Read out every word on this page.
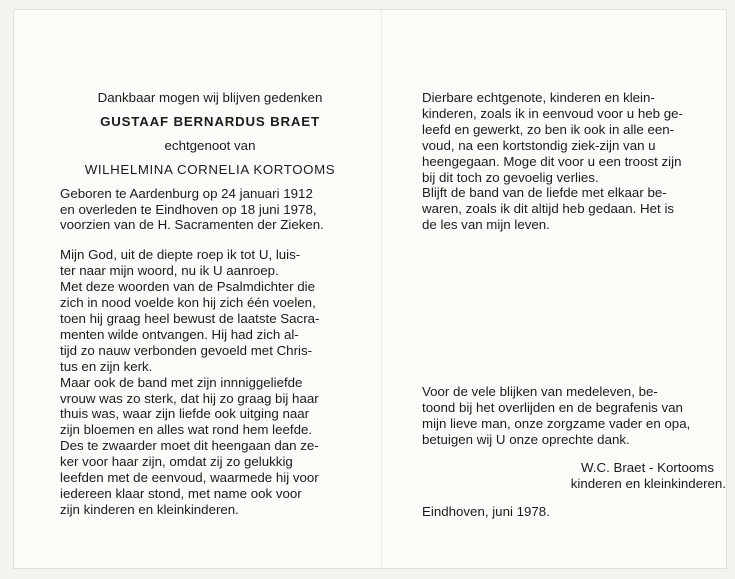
Dankbaar mogen wij blijven gedenken

GUSTAAF BERNARDUS BRAET

echtgenoot van

WILHELMINA CORNELIA KORTOOMS

Geboren te Aardenburg op 24 januari 1912

en overleden te Eindhoven op 18 juni 1978,

voorzien van de H. Sacramenten der Zieken.

Mijn God, uit de diepte roep ik tot U, luis-

ter naar mijn woord, nu ik U aanroep.

Met deze woorden van de Psalmdichter die

zich in nood voelde kon hij zich één voelen,

toen hij graag heel bewust de laatste Sacra-

menten wilde ontvangen. Hij had zich al-

tijd zo nauw verbonden gevoeld met Chris-

tus en zijn kerk.

Maar ook de band met zijn innniggeliefde

vrouw was zo sterk, dat hij zo graag bij haar

thuis was, waar zijn liefde ook uitging naar

zijn bloemen en alles wat rond hem leefde.

Des te zwaarder moet dit heengaan dan ze-

ker voor haar zijn, omdat zij zo gelukkig

leefden met de eenvoud, waarmede hij voor

iedereen klaar stond, met name ook voor

zijn kinderen en kleinkinderen.

Dierbare echtgenote, kinderen en klein-

kinderen, zoals ik in eenvoud voor u heb ge-

leefd en gewerkt, zo ben ik ook in alle een-

voud, na een kortstondig ziek-zijn van u

heengegaan. Moge dit voor u een troost zijn

bij dit toch zo gevoelig verlies.

Blijft de band van de liefde met elkaar be-

waren, zoals ik dit altijd heb gedaan. Het is

de les van mijn leven.

Voor de vele blijken van medeleven, be-

toond bij het overlijden en de begrafenis van

mijn lieve man, onze zorgzame vader en opa,

betuigen wij U onze oprechte dank.

W.C. Braet - Kortooms

kinderen en kleinkinderen.

Eindhoven, juni 1978.
